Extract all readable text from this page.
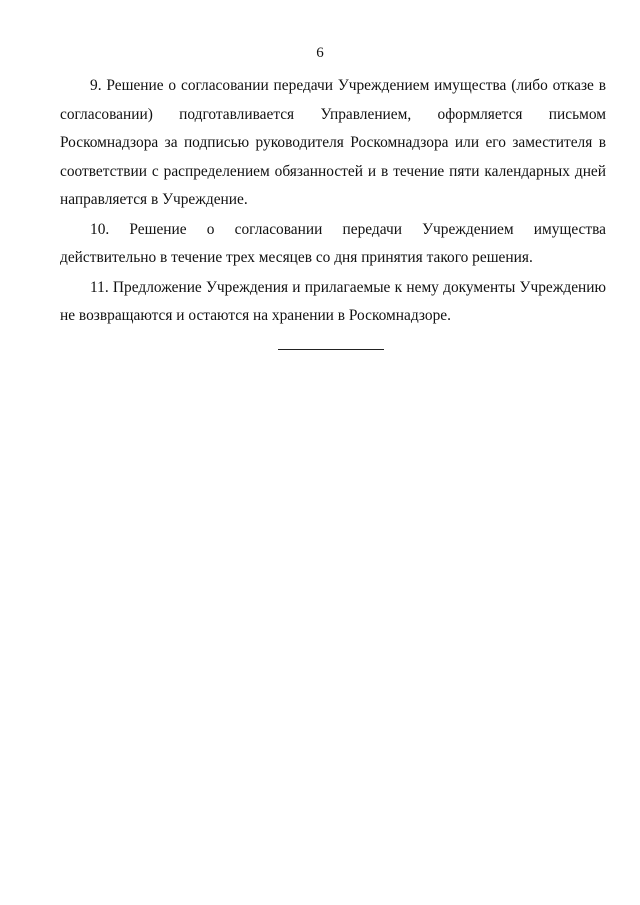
6

9. Решение о согласовании передачи Учреждением имущества (либо отказе в согласовании) подготавливается Управлением, оформляется письмом Роскомнадзора за подписью руководителя Роскомнадзора или его заместителя в соответствии с распределением обязанностей и в течение пяти календарных дней направляется в Учреждение.

10. Решение о согласовании передачи Учреждением имущества действительно в течение трех месяцев со дня принятия такого решения.

11. Предложение Учреждения и прилагаемые к нему документы Учреждению не возвращаются и остаются на хранении в Роскомнадзоре.
